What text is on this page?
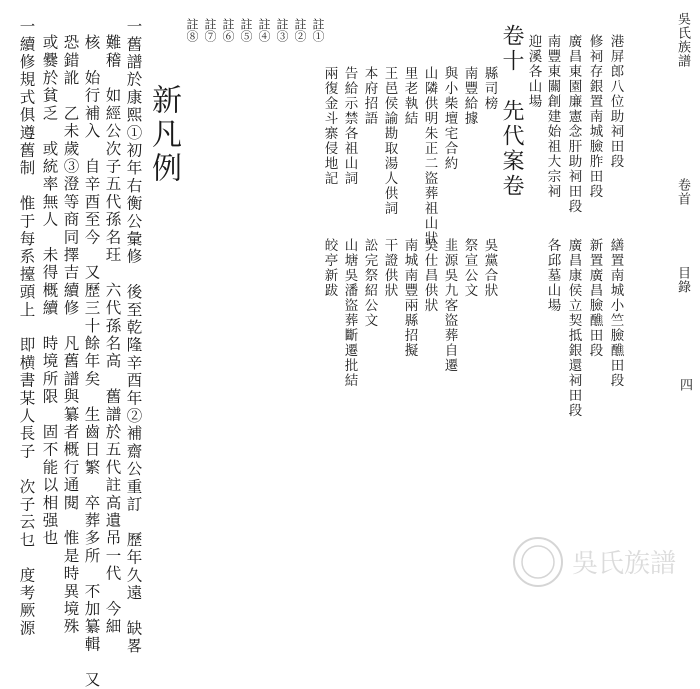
吳氏族譜
卷首
目錄
四
港屏郎八位助祠田段
修祠存銀置南城臉胙田段
廣昌東園廉憲念肝助祠田段
南豐東關創建始祖大宗祠
迎溪各山場
繕置南城小竺臉醮田段
新置廣昌臉醮田段
廣昌康侯立契抵銀還祠田段
各邱墓山場
卷十　先代案卷
縣司榜
南豐給據
與小柴壇宅合約
山隣供明朱正二盜葬祖山狀
里老執結
王邑侯諭勘取湯人供詞
本府招語
告給示禁各祖山詞
兩復金斗寨侵地記
吳黨合狀
祭宣公文
韭源吳九客盜葬自遷
吳仕昌供狀
南城南豐兩縣招擬
干證供狀
訟完祭紹公文
山塘吳潘盜葬斷遷批結
皎亭新跋
註①
註②
註③
註④
註⑤
註⑥
註⑦
註⑧
新凡例
一舊譜於康熙①初年右衡公彙修　後至乾隆辛酉年②補齋公重訂　歷年久遠　缺畧
難稽　如經公次子五代孫名玨　六代孫名高　舊譜於五代註高遺吊一代　今細
核　始行補入　自辛酉至今　又歷三十餘年矣　生齒日繁　卒葬多所　不加纂輯　又
恐錯訛　乙未歲③澄等商同擇吉續修　凡舊譜與纂者概行通閱　惟是時異境殊
或爨於貧乏　或統率無人　未得概續　時境所限　固不能以相强也
一續修規式俱遵舊制　惟于每系擡頭上　即横書某人長子　次子云乜　度考厥源	吳氏族譜
